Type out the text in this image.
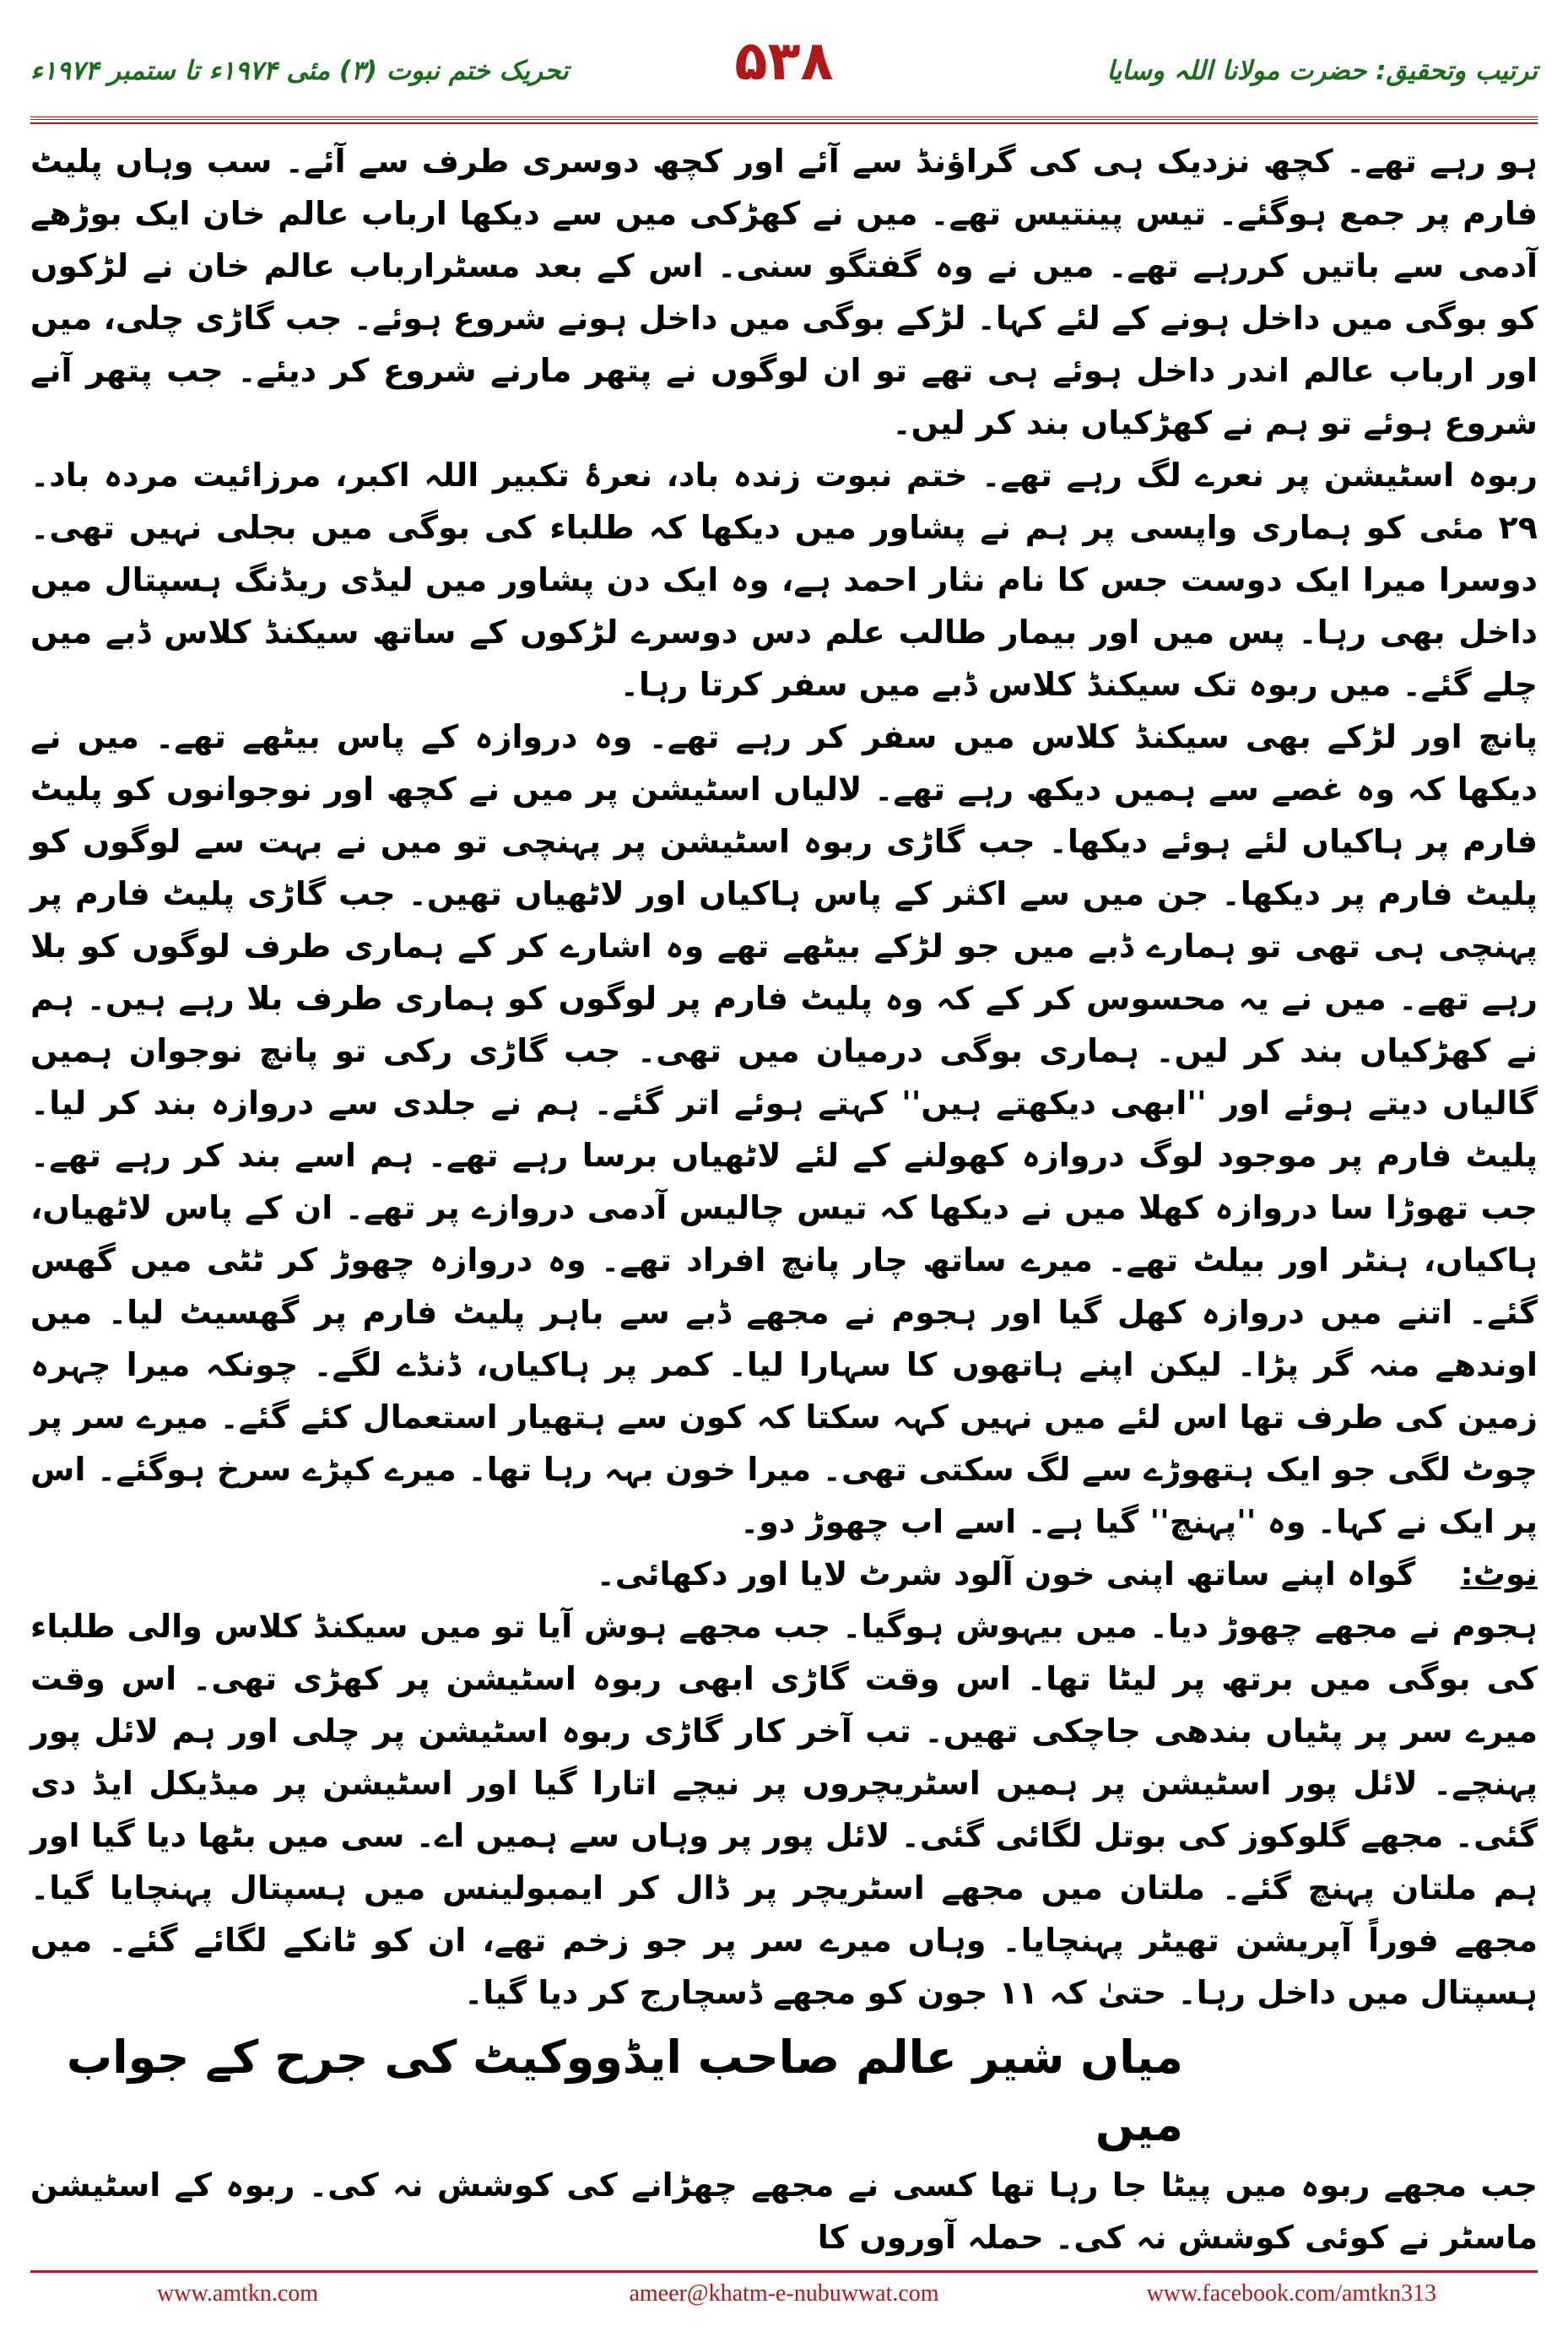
تحریک ختم نبوت (۳) مئی ۱۹۷۴ء تا ستمبر ۱۹۷۴ء	۵۳۸	ترتیب وتحقیق: حضرت مولانا اللہ وسایا

ہو رہے تھے۔ کچھ نزدیک ہی کی گراؤنڈ سے آئے اور کچھ دوسری طرف سے آئے۔ سب وہاں پلیٹ فارم پر جمع ہوگئے۔ تیس پینتیس تھے۔ میں نے کھڑکی میں سے دیکھا ارباب عالم خان ایک بوڑھے آدمی سے باتیں کررہے تھے۔ میں نے وہ گفتگو سنی۔ اس کے بعد مسٹرارباب عالم خان نے لڑکوں کو بوگی میں داخل ہونے کے لئے کہا۔ لڑکے بوگی میں داخل ہونے شروع ہوئے۔ جب گاڑی چلی، میں اور ارباب عالم اندر داخل ہوئے ہی تھے تو ان لوگوں نے پتھر مارنے شروع کر دیئے۔ جب پتھر آنے شروع ہوئے تو ہم نے کھڑکیاں بند کر لیں۔

ربوہ اسٹیشن پر نعرے لگ رہے تھے۔ ختم نبوت زندہ باد، نعرۂ تکبیر اللہ اکبر، مرزائیت مردہ باد۔ ۲۹ مئی کو ہماری واپسی پر ہم نے پشاور میں دیکھا کہ طلباء کی بوگی میں بجلی نہیں تھی۔ دوسرا میرا ایک دوست جس کا نام نثار احمد ہے، وہ ایک دن پشاور میں لیڈی ریڈنگ ہسپتال میں داخل بھی رہا۔ پس میں اور بیمار طالب علم دس دوسرے لڑکوں کے ساتھ سیکنڈ کلاس ڈبے میں چلے گئے۔ میں ربوہ تک سیکنڈ کلاس ڈبے میں سفر کرتا رہا۔

پانچ اور لڑکے بھی سیکنڈ کلاس میں سفر کر رہے تھے۔ وہ دروازہ کے پاس بیٹھے تھے۔ میں نے دیکھا کہ وہ غصے سے ہمیں دیکھ رہے تھے۔ لالیاں اسٹیشن پر میں نے کچھ اور نوجوانوں کو پلیٹ فارم پر ہاکیاں لئے ہوئے دیکھا۔ جب گاڑی ربوہ اسٹیشن پر پہنچی تو میں نے بہت سے لوگوں کو پلیٹ فارم پر دیکھا۔ جن میں سے اکثر کے پاس ہاکیاں اور لاٹھیاں تھیں۔ جب گاڑی پلیٹ فارم پر پہنچی ہی تھی تو ہمارے ڈبے میں جو لڑکے بیٹھے تھے وہ اشارے کر کے ہماری طرف لوگوں کو بلا رہے تھے۔ میں نے یہ محسوس کر کے کہ وہ پلیٹ فارم پر لوگوں کو ہماری طرف بلا رہے ہیں۔ ہم نے کھڑکیاں بند کر لیں۔ ہماری بوگی درمیان میں تھی۔ جب گاڑی رکی تو پانچ نوجوان ہمیں گالیاں دیتے ہوئے اور ''ابھی دیکھتے ہیں'' کہتے ہوئے اتر گئے۔ ہم نے جلدی سے دروازہ بند کر لیا۔ پلیٹ فارم پر موجود لوگ دروازہ کھولنے کے لئے لاٹھیاں برسا رہے تھے۔ ہم اسے بند کر رہے تھے۔ جب تھوڑا سا دروازہ کھلا میں نے دیکھا کہ تیس چالیس آدمی دروازے پر تھے۔ ان کے پاس لاٹھیاں، ہاکیاں، ہنٹر اور بیلٹ تھے۔ میرے ساتھ چار پانچ افراد تھے۔ وہ دروازہ چھوڑ کر ٹٹی میں گھس گئے۔ اتنے میں دروازہ کھل گیا اور ہجوم نے مجھے ڈبے سے باہر پلیٹ فارم پر گھسیٹ لیا۔ میں اوندھے منہ گر پڑا۔ لیکن اپنے ہاتھوں کا سہارا لیا۔ کمر پر ہاکیاں، ڈنڈے لگے۔ چونکہ میرا چہرہ زمین کی طرف تھا اس لئے میں نہیں کہہ سکتا کہ کون سے ہتھیار استعمال کئے گئے۔ میرے سر پر چوٹ لگی جو ایک ہتھوڑے سے لگ سکتی تھی۔ میرا خون بہہ رہا تھا۔ میرے کپڑے سرخ ہوگئے۔ اس پر ایک نے کہا۔ وہ ''پہنچ'' گیا ہے۔ اسے اب چھوڑ دو۔

نوٹ: گواہ اپنے ساتھ اپنی خون آلود شرٹ لایا اور دکھائی۔

ہجوم نے مجھے چھوڑ دیا۔ میں بیہوش ہوگیا۔ جب مجھے ہوش آیا تو میں سیکنڈ کلاس والی طلباء کی بوگی میں برتھ پر لیٹا تھا۔ اس وقت گاڑی ابھی ربوہ اسٹیشن پر کھڑی تھی۔ اس وقت میرے سر پر پٹیاں بندھی جاچکی تھیں۔ تب آخر کار گاڑی ربوہ اسٹیشن پر چلی اور ہم لائل پور پہنچے۔ لائل پور اسٹیشن پر ہمیں اسٹریچروں پر نیچے اتارا گیا اور اسٹیشن پر میڈیکل ایڈ دی گئی۔ مجھے گلوکوز کی بوتل لگائی گئی۔ لائل پور پر وہاں سے ہمیں اے۔ سی میں بٹھا دیا گیا اور ہم ملتان پہنچ گئے۔ ملتان میں مجھے اسٹریچر پر ڈال کر ایمبولینس میں ہسپتال پہنچایا گیا۔ مجھے فوراً آپریشن تھیٹر پہنچایا۔ وہاں میرے سر پر جو زخم تھے، ان کو ٹانکے لگائے گئے۔ میں ہسپتال میں داخل رہا۔ حتیٰ کہ ۱۱ جون کو مجھے ڈسچارج کر دیا گیا۔

میاں شیر عالم صاحب ایڈووکیٹ کی جرح کے جواب میں

جب مجھے ربوہ میں پیٹا جا رہا تھا کسی نے مجھے چھڑانے کی کوشش نہ کی۔ ربوہ کے اسٹیشن ماسٹر نے کوئی کوشش نہ کی۔ حملہ آوروں کا

www.amtkn.com	ameer@khatm-e-nubuwwat.com	www.facebook.com/amtkn313
